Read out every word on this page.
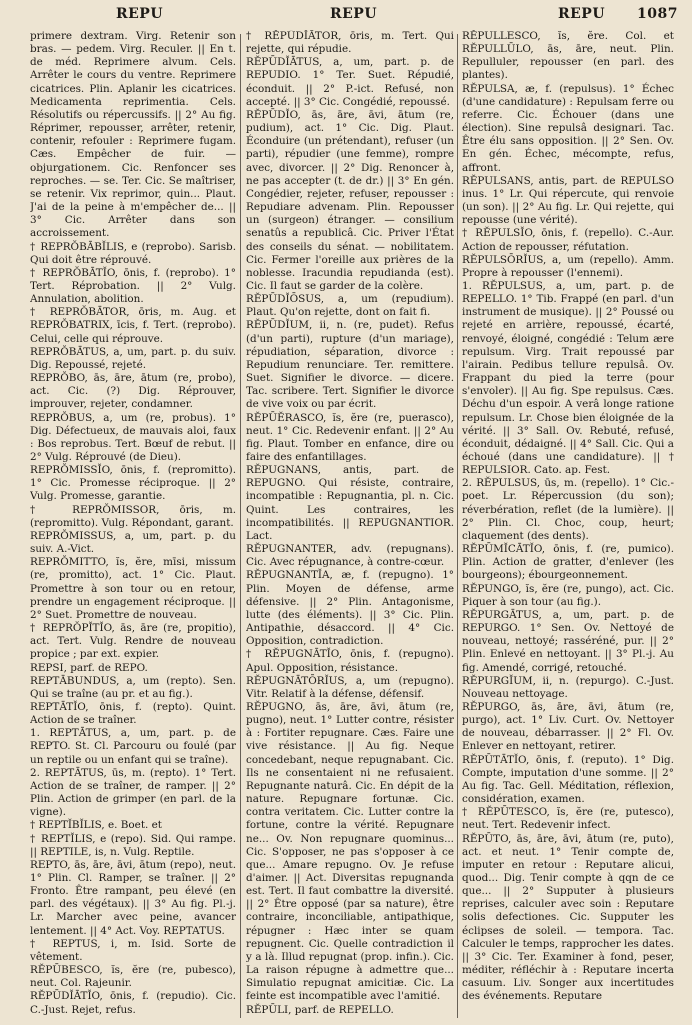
REPU	REPU	REPU 1087

primere dextram. Virg. Retenir son bras. — pedem. Virg. Reculer. || En t. de méd. Reprimere alvum. Cels. Arrêter le cours du ventre. Reprimere cicatrices. Plin. Aplanir les cicatrices. Medicamenta reprimentia. Cels. Résolutifs ou répercussifs. || 2° Au fig. Réprimer, repousser, arrêter, retenir, contenir, refouler : Reprimere fugam. Cæs. Empêcher de fuir. — objurgationem. Cic. Renfoncer ses reproches. — se. Ter. Cic. Se maîtriser, se retenir. Vix reprimor, quin... Plaut. J'ai de la peine à m'empêcher de... || 3° Cic. Arrêter dans son accroissement.

† REPRŎBĀBĬLIS, e (reprobo). Sarisb. Qui doit être réprouvé.

† REPRŎBĀTĬO, ōnis, f. (reprobo). 1° Tert. Réprobation. || 2° Vulg. Annulation, abolition.

† REPRŎBĀTOR, ōris, m. Aug. et REPRŎBATRIX, īcis, f. Tert. (reprobo). Celui, celle qui réprouve.

REPRŎBĀTUS, a, um, part. p. du suiv. Dig. Repoussé, rejeté.

REPRŎBO, ās, āre, ātum (re, probo), act. Cic. (?) Dig. Réprouver, improuver, rejeter, condamner.

REPRŎBUS, a, um (re, probus). 1° Dig. Défectueux, de mauvais aloi, faux : Bos reprobus. Tert. Bœuf de rebut. || 2° Vulg. Réprouvé (de Dieu).

REPRŎMISSĬO, ōnis, f. (repromitto). 1° Cic. Promesse réciproque. || 2° Vulg. Promesse, garantie.

† REPRŎMISSOR, ōris, m. (repromitto). Vulg. Répondant, garant.

REPRŎMISSUS, a, um, part. p. du suiv. A.-Vict.

REPRŎMITTO, ĭs, ĕre, mīsi, missum (re, promitto), act. 1° Cic. Plaut. Promettre à son tour ou en retour, prendre un engagement réciproque. || 2° Suet. Promettre de nouveau.

† REPRŎPĬTĬO, ās, āre (re, propitio), act. Tert. Vulg. Rendre de nouveau propice ; par ext. expier.

REPSI, parf. de REPO.

REPTĀBUNDUS, a, um (repto). Sen. Qui se traîne (au pr. et au fig.).

REPTĀTĬO, ōnis, f. (repto). Quint. Action de se traîner.

1. REPTĀTUS, a, um, part. p. de REPTO. St. Cl. Parcouru ou foulé (par un reptile ou un enfant qui se traîne).

2. REPTĀTUS, ūs, m. (repto). 1° Tert. Action de se traîner, de ramper. || 2° Plin. Action de grimper (en parl. de la vigne).

† REPTĬBĬLIS, e. Boet. et

† REPTĬLIS, e (repo). Sid. Qui rampe. || REPTILE, is, n. Vulg. Reptile.

REPTO, ās, āre, āvi, ātum (repo), neut. 1° Plin. Cl. Ramper, se traîner. || 2° Fronto. Être rampant, peu élevé (en parl. des végétaux). || 3° Au fig. Pl.-j. Lr. Marcher avec peine, avancer lentement. || 4° Act. Voy. REPTATUS.

† REPTUS, i, m. Isid. Sorte de vêtement.

RĔPŪBESCO, ĭs, ĕre (re, pubesco), neut. Col. Rajeunir.

RĔPŪDĬĀTĬO, ōnis, f. (repudio). Cic. C.-Just. Rejet, refus.

† RĔPŪDĬĀTOR, ōris, m. Tert. Qui rejette, qui répudie.

RĔPŪDĬĀTUS, a, um, part. p. de REPUDIO. 1° Ter. Suet. Répudié, éconduit. || 2° P.-ict. Refusé, non accepté. || 3° Cic. Congédié, repoussé.

RĔPŪDĬO, ās, āre, āvi, ātum (re, pudium), act. 1° Cic. Dig. Plaut. Éconduire (un prétendant), refuser (un parti), répudier (une femme), rompre avec, divorcer. || 2° Dig. Renoncer à, ne pas accepter (t. de dr.) || 3° En gén. Congédier, rejeter, refuser, repousser : Repudiare advenam. Plin. Repousser un (surgeon) étranger. — consilium senatûs a republicâ. Cic. Priver l'État des conseils du sénat. — nobilitatem. Cic. Fermer l'oreille aux prières de la noblesse. Iracundia repudianda (est). Cic. Il faut se garder de la colère.

RĔPŪDĬŌSUS, a, um (repudium). Plaut. Qu'on rejette, dont on fait fi.

RĔPŪDĬUM, ii, n. (re, pudet). Refus (d'un parti), rupture (d'un mariage), répudiation, séparation, divorce : Repudium renunciare. Ter. remittere. Suet. Signifier le divorce. — dicere. Tac. scribere. Tert. Signifier le divorce de vive voix ou par écrit.

RĔPŪĔRASCO, ĭs, ĕre (re, puerasco), neut. 1° Cic. Redevenir enfant. || 2° Au fig. Plaut. Tomber en enfance, dire ou faire des enfantillages.

RĔPUGNANS, antis, part. de REPUGNO. Qui résiste, contraire, incompatible : Repugnantia, pl. n. Cic. Quint. Les contraires, les incompatibilités. || REPUGNANTIOR. Lact.

RĔPUGNANTER, adv. (repugnans). Cic. Avec répugnance, à contre-cœur.

RĔPUGNANTĬA, æ, f. (repugno). 1° Plin. Moyen de défense, arme défensive. || 2° Plin. Antagonisme, lutte (des éléments). || 3° Cic. Plin. Antipathie, désaccord. || 4° Cic. Opposition, contradiction.

† RĔPUGNĀTĬO, ōnis, f. (repugno). Apul. Opposition, résistance.

RĔPUGNĀTŌRĬUS, a, um (repugno). Vitr. Relatif à la défense, défensif.

RĔPUGNO, ās, āre, āvi, ātum (re, pugno), neut. 1° Lutter contre, résister à : Fortiter repugnare. Cæs. Faire une vive résistance. || Au fig. Neque concedebant, neque repugnabant. Cic. Ils ne consentaient ni ne refusaient. Repugnante naturâ. Cic. En dépit de la nature. Repugnare fortunæ. Cic. contra veritatem. Cic. Lutter contre la fortune, contre la vérité. Repugnare ne... Ov. Non repugnare quominus... Cic. S'opposer, ne pas s'opposer à ce que... Amare repugno. Ov. Je refuse d'aimer. || Act. Diversitas repugnanda est. Tert. Il faut combattre la diversité. || 2° Être opposé (par sa nature), être contraire, inconciliable, antipathique, répugner : Hæc inter se quam repugnent. Cic. Quelle contradiction il y a là. Illud repugnat (prop. infin.). Cic. La raison répugne à admettre que... Simulatio repugnat amicitiæ. Cic. La feinte est incompatible avec l'amitié.

RĔPŪLI, parf. de REPELLO.

RĔPULLESCO, ĭs, ĕre. Col. et RĔPULLŪLO, ās, āre, neut. Plin. Repulluler, repousser (en parl. des plantes).

RĔPULSA, æ, f. (repulsus). 1° Échec (d'une candidature) : Repulsam ferre ou referre. Cic. Échouer (dans une élection). Sine repulsâ designari. Tac. Être élu sans opposition. || 2° Sen. Ov. En gén. Échec, mécompte, refus, affront.

RĔPULSANS, antis, part. de REPULSO inus. 1° Lr. Qui répercute, qui renvoie (un son). || 2° Au fig. Lr. Qui rejette, qui repousse (une vérité).

† RĔPULSĬO, ōnis, f. (repello). C.-Aur. Action de repousser, réfutation.

RĔPULSŌRĬUS, a, um (repello). Amm. Propre à repousser (l'ennemi).

1. RĔPULSUS, a, um, part. p. de REPELLO. 1° Tib. Frappé (en parl. d'un instrument de musique). || 2° Poussé ou rejeté en arrière, repoussé, écarté, renvoyé, éloigné, congédié : Telum ære repulsum. Virg. Trait repoussé par l'airain. Pedibus tellure repulsâ. Ov. Frappant du pied la terre (pour s'envoler). || Au fig. Spe repulsus. Cæs. Déchu d'un espoir. A verâ longe ratione repulsum. Lr. Chose bien éloignée de la vérité. || 3° Sall. Ov. Rebuté, refusé, éconduit, dédaigné. || 4° Sall. Cic. Qui a échoué (dans une candidature). || † REPULSIOR. Cato. ap. Fest.

2. RĔPULSUS, ūs, m. (repello). 1° Cic.-poet. Lr. Répercussion (du son); réverbération, reflet (de la lumière). || 2° Plin. Cl. Choc, coup, heurt; claquement (des dents).

RĔPŪMĬCĀTĬO, ōnis, f. (re, pumico). Plin. Action de gratter, d'enlever (les bourgeons); ébourgeonnement.

RĔPUNGO, ĭs, ĕre (re, pungo), act. Cic. Piquer à son tour (au fig.).

RĔPURGĀTUS, a, um, part. p. de REPURGO. 1° Sen. Ov. Nettoyé de nouveau, nettoyé; rasséréné, pur. || 2° Plin. Enlevé en nettoyant. || 3° Pl.-j. Au fig. Amendé, corrigé, retouché.

RĔPURGĬUM, ii, n. (repurgo). C.-Just. Nouveau nettoyage.

RĔPURGO, ās, āre, āvi, ātum (re, purgo), act. 1° Liv. Curt. Ov. Nettoyer de nouveau, débarrasser. || 2° Fl. Ov. Enlever en nettoyant, retirer.

RĔPŪTĀTĬO, ōnis, f. (reputo). 1° Dig. Compte, imputation d'une somme. || 2° Au fig. Tac. Gell. Méditation, réflexion, considération, examen.

† RĔPŪTESCO, ĭs, ĕre (re, putesco), neut. Tert. Redevenir infect.

RĔPŪTO, ās, āre, āvi, ātum (re, puto), act. et neut. 1° Tenir compte de, imputer en retour : Reputare alicui, quod... Dig. Tenir compte à qqn de ce que... || 2° Supputer à plusieurs reprises, calculer avec soin : Reputare solis defectiones. Cic. Supputer les éclipses de soleil. — tempora. Tac. Calculer le temps, rapprocher les dates. || 3° Cic. Ter. Examiner à fond, peser, méditer, réfléchir à : Reputare incerta casuum. Liv. Songer aux incertitudes des événements. Reputare
